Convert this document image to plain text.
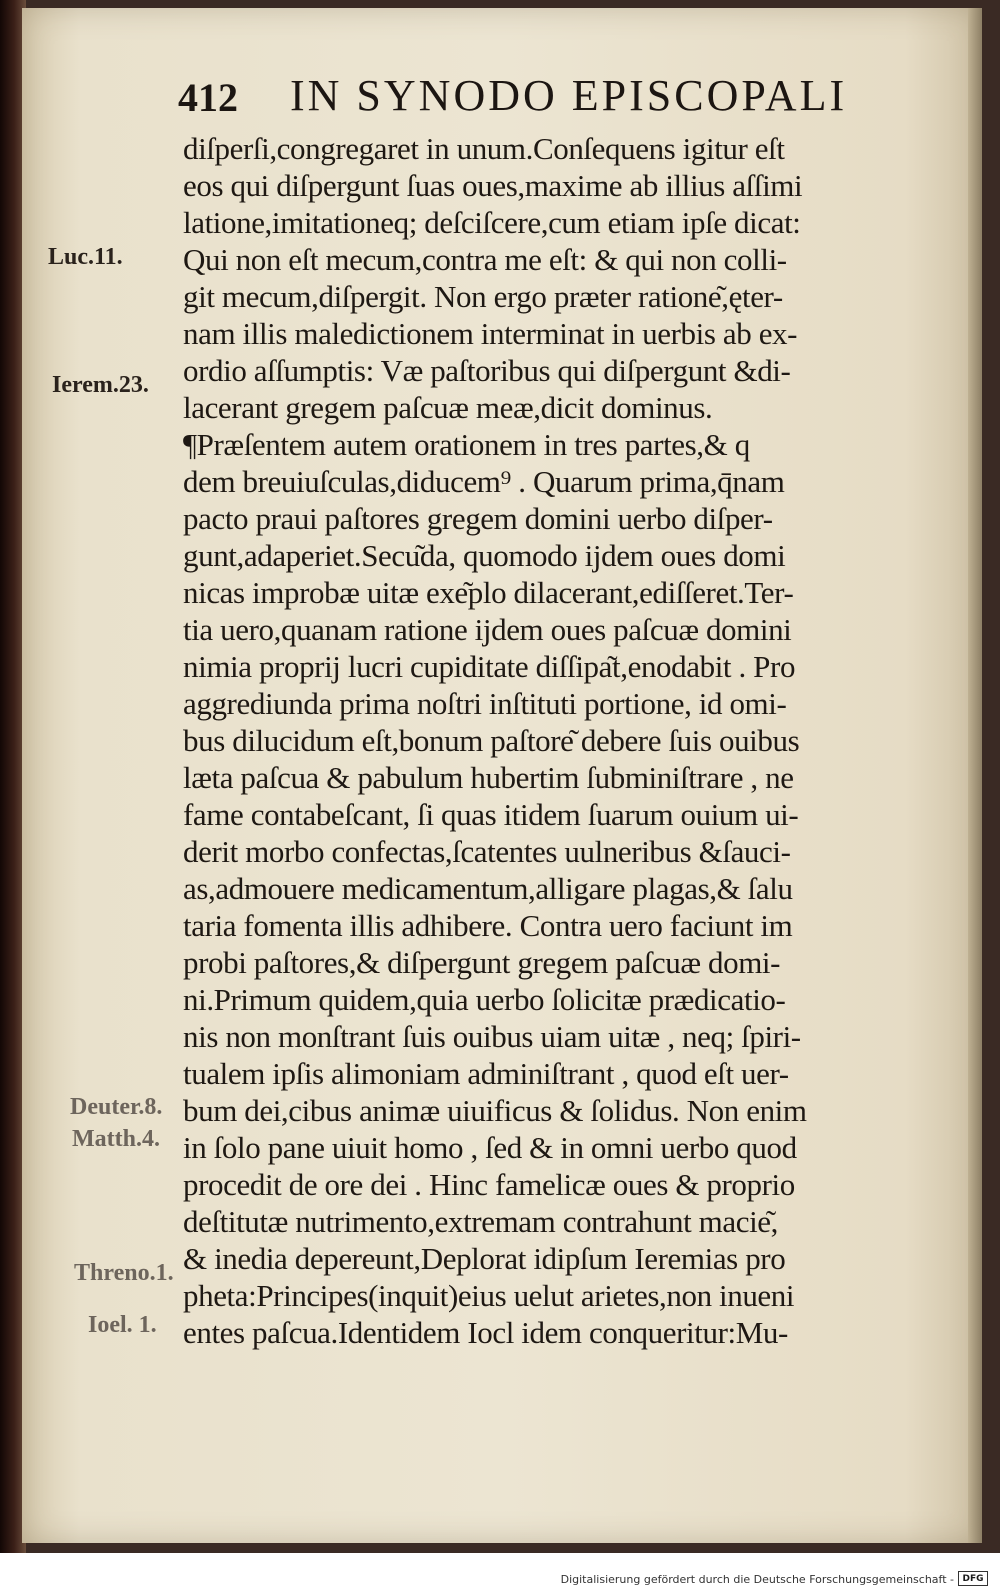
412 IN SYNODO EPISCOPALI
diſperſi,congregaret in unum.Conſequens igitur eſt
eos qui diſpergunt ſuas oues,maxime ab illius aſſimi
latione,imitationeq; deſciſcere,cum etiam ipſe dicat:
Qui non eſt mecum,contra me eſt: & qui non colli-
git mecum,diſpergit. Non ergo præter ratione͂,ęter-
nam illis maledictionem interminat in uerbis ab ex-
ordio aſſumptis: Væ paſtoribus qui diſpergunt &di-
lacerant gregem paſcuæ meæ,dicit dominus.
¶Præſentem autem orationem in tres partes,& q
dem breuiuſculas,diducem⁹ . Quarum prima,q̄nam
pacto praui paſtores gregem domini uerbo diſper-
gunt,adaperiet.Secu͂da, quomodo ijdem oues domi
nicas improbæ uitæ exe͂plo dilacerant,ediſſeret.Ter-
tia uero,quanam ratione ijdem oues paſcuæ domini
nimia proprij lucri cupiditate diſſipa͂t,enodabit . Pro
aggrediunda prima noſtri inſtituti portione, id omi-
bus dilucidum eſt,bonum paſtore͂ debere ſuis ouibus
læta paſcua & pabulum hubertim ſubminiſtrare , ne
fame contabeſcant, ſi quas itidem ſuarum ouium ui-
derit morbo confectas,ſcatentes uulneribus &ſauci-
as,admouere medicamentum,alligare plagas,& ſalu
taria fomenta illis adhibere. Contra uero faciunt im
probi paſtores,& diſpergunt gregem paſcuæ domi-
ni.Primum quidem,quia uerbo ſolicitæ prædicatio-
nis non monſtrant ſuis ouibus uiam uitæ , neq; ſpiri-
tualem ipſis alimoniam adminiſtrant , quod eſt uer-
bum dei,cibus animæ uiuificus & ſolidus. Non enim
in ſolo pane uiuit homo , ſed & in omni uerbo quod
procedit de ore dei . Hinc famelicæ oues & proprio
deſtitutæ nutrimento,extremam contrahunt macie͂,
& inedia depereunt,Deplorat idipſum Ieremias pro
pheta:Principes(inquit)eius uelut arietes,non inueni
entes paſcua.Identidem Iocl idem conqueritur:Mu-
Luc.11.
Ierem.23.
Deuter.8.
Matth.4.
Threno.1.
Ioel. 1.
Digitalisierung gefördert durch die Deutsche Forschungsgemeinschaft - DFG
